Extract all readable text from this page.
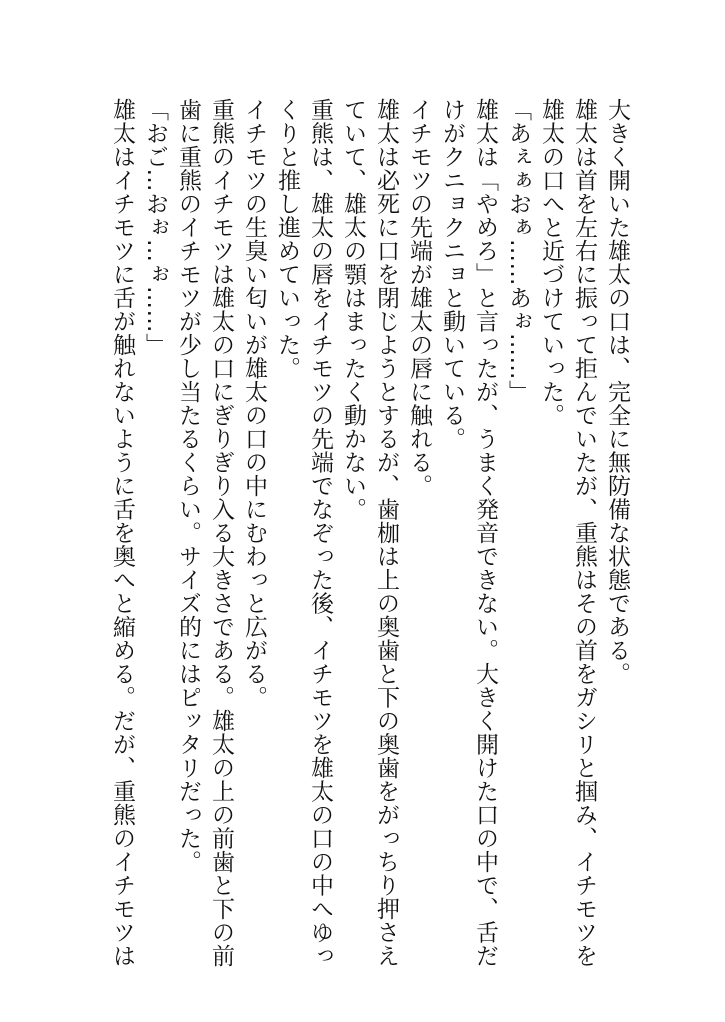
大きく開いた雄太の口は、完全に無防備な状態である。

雄太は首を左右に振って拒んでいたが、重熊はその首をガシリと掴み、イチモツを

雄太の口へと近づけていった。

「あぇぁおぁ……あぉ……」

雄太は「やめろ」と言ったが、うまく発音できない。大きく開けた口の中で、舌だ

けがクニョクニョと動いている。

イチモツの先端が雄太の唇に触れる。

雄太は必死に口を閉じようとするが、歯枷は上の奥歯と下の奥歯をがっちり押さえ

ていて、雄太の顎はまったく動かない。

重熊は、雄太の唇をイチモツの先端でなぞった後、イチモツを雄太の口の中へゆっ

くりと推し進めていった。

イチモツの生臭い匂いが雄太の口の中にむわっと広がる。

重熊のイチモツは雄太の口にぎりぎり入る大きさである。雄太の上の前歯と下の前

歯に重熊のイチモツが少し当たるくらい。サイズ的にはピッタリだった。

「おご…おぉ…ぉ……」

雄太はイチモツに舌が触れないように舌を奥へと縮める。だが、重熊のイチモツは
